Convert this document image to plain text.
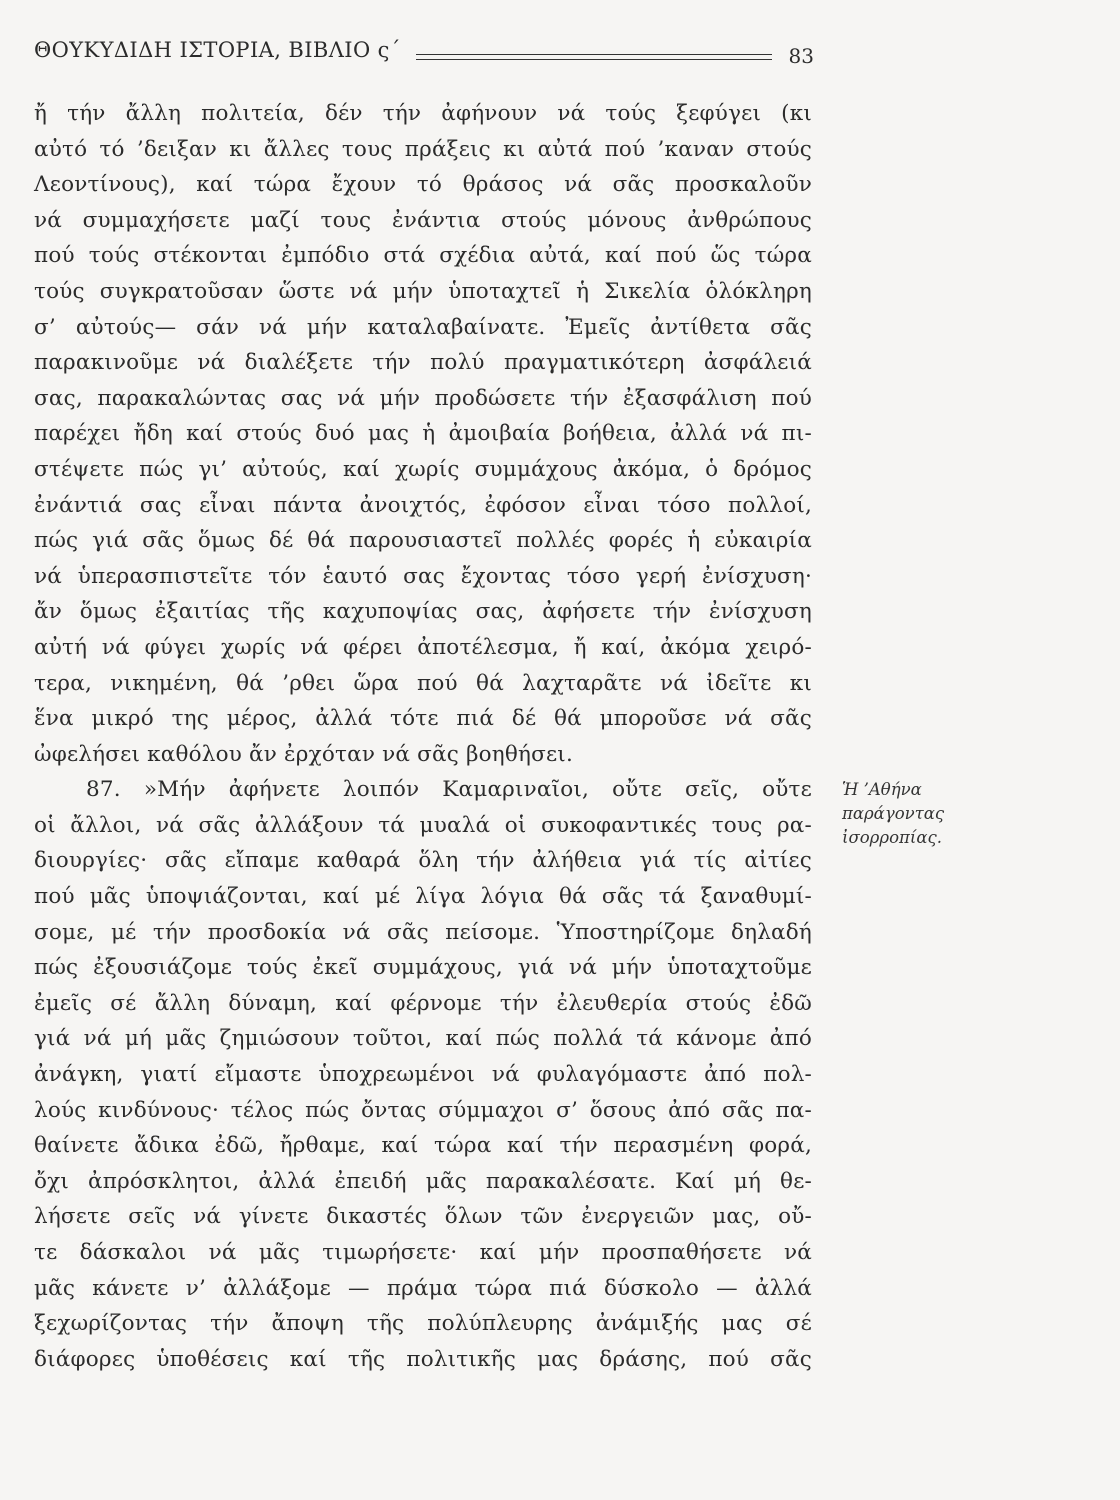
ΘΟΥΚΥΔΙΔΗ ΙΣΤΟΡΙΑ, ΒΙΒΛΙΟ ς΄	83
ἤ τήν ἄλλη πολιτεία, δέν τήν ἀφήνουν νά τούς ξεφύγει (κι
αὐτό τό ’δειξαν κι ἄλλες τους πράξεις κι αὐτά πού ’καναν στούς
Λεοντίνους), καί τώρα ἔχουν τό θράσος νά σᾶς προσκαλοῦν
νά συμμαχήσετε μαζί τους ἐνάντια στούς μόνους ἀνθρώπους
πού τούς στέκονται ἐμπόδιο στά σχέδια αὐτά, καί πού ὥς τώρα
τούς συγκρατοῦσαν ὥστε νά μήν ὑποταχτεῖ ἡ Σικελία ὁλόκληρη
σ’ αὐτούς— σάν νά μήν καταλαβαίνατε. Ἐμεῖς ἀντίθετα σᾶς
παρακινοῦμε νά διαλέξετε τήν πολύ πραγματικότερη ἀσφάλειά
σας, παρακαλώντας σας νά μήν προδώσετε τήν ἐξασφάλιση πού
παρέχει ἤδη καί στούς δυό μας ἡ ἀμοιβαία βοήθεια, ἀλλά νά πι-
στέψετε πώς γι’ αὐτούς, καί χωρίς συμμάχους ἀκόμα, ὁ δρόμος
ἐνάντιά σας εἶναι πάντα ἀνοιχτός, ἐφόσον εἶναι τόσο πολλοί,
πώς γιά σᾶς ὅμως δέ θά παρουσιαστεῖ πολλές φορές ἡ εὐκαιρία
νά ὑπερασπιστεῖτε τόν ἑαυτό σας ἔχοντας τόσο γερή ἐνίσχυση·
ἄν ὅμως ἐξαιτίας τῆς καχυποψίας σας, ἀφήσετε τήν ἐνίσχυση
αὐτή νά φύγει χωρίς νά φέρει ἀποτέλεσμα, ἤ καί, ἀκόμα χειρό-
τερα, νικημένη, θά ’ρθει ὥρα πού θά λαχταρᾶτε νά ἰδεῖτε κι
ἕνα μικρό της μέρος, ἀλλά τότε πιά δέ θά μποροῦσε νά σᾶς
ὠφελήσει καθόλου ἄν ἐρχόταν νά σᾶς βοηθήσει.
87. »Μήν ἀφήνετε λοιπόν Καμαριναῖοι, οὔτε σεῖς, οὔτε
οἱ ἄλλοι, νά σᾶς ἀλλάξουν τά μυαλά οἱ συκοφαντικές τους ρα-
διουργίες· σᾶς εἴπαμε καθαρά ὅλη τήν ἀλήθεια γιά τίς αἰτίες
πού μᾶς ὑποψιάζονται, καί μέ λίγα λόγια θά σᾶς τά ξαναθυμί-
σομε, μέ τήν προσδοκία νά σᾶς πείσομε. Ὑποστηρίζομε δηλαδή
πώς ἐξουσιάζομε τούς ἐκεῖ συμμάχους, γιά νά μήν ὑποταχτοῦμε
ἐμεῖς σέ ἄλλη δύναμη, καί φέρνομε τήν ἐλευθερία στούς ἐδῶ
γιά νά μή μᾶς ζημιώσουν τοῦτοι, καί πώς πολλά τά κάνομε ἀπό
ἀνάγκη, γιατί εἴμαστε ὑποχρεωμένοι νά φυλαγόμαστε ἀπό πολ-
λούς κινδύνους· τέλος πώς ὄντας σύμμαχοι σ’ ὅσους ἀπό σᾶς πα-
θαίνετε ἄδικα ἐδῶ, ἤρθαμε, καί τώρα καί τήν περασμένη φορά,
ὄχι ἀπρόσκλητοι, ἀλλά ἐπειδή μᾶς παρακαλέσατε. Καί μή θε-
λήσετε σεῖς νά γίνετε δικαστές ὅλων τῶν ἐνεργειῶν μας, οὔ-
τε δάσκαλοι νά μᾶς τιμωρήσετε· καί μήν προσπαθήσετε νά
μᾶς κάνετε ν’ ἀλλάξομε — πράμα τώρα πιά δύσκολο — ἀλλά
ξεχωρίζοντας τήν ἄποψη τῆς πολύπλευρης ἀνάμιξής μας σέ
διάφορες ὑποθέσεις καί τῆς πολιτικῆς μας δράσης, πού σᾶς
Ἡ ’Αθήνα
παράγοντας
ἰσορροπίας.
